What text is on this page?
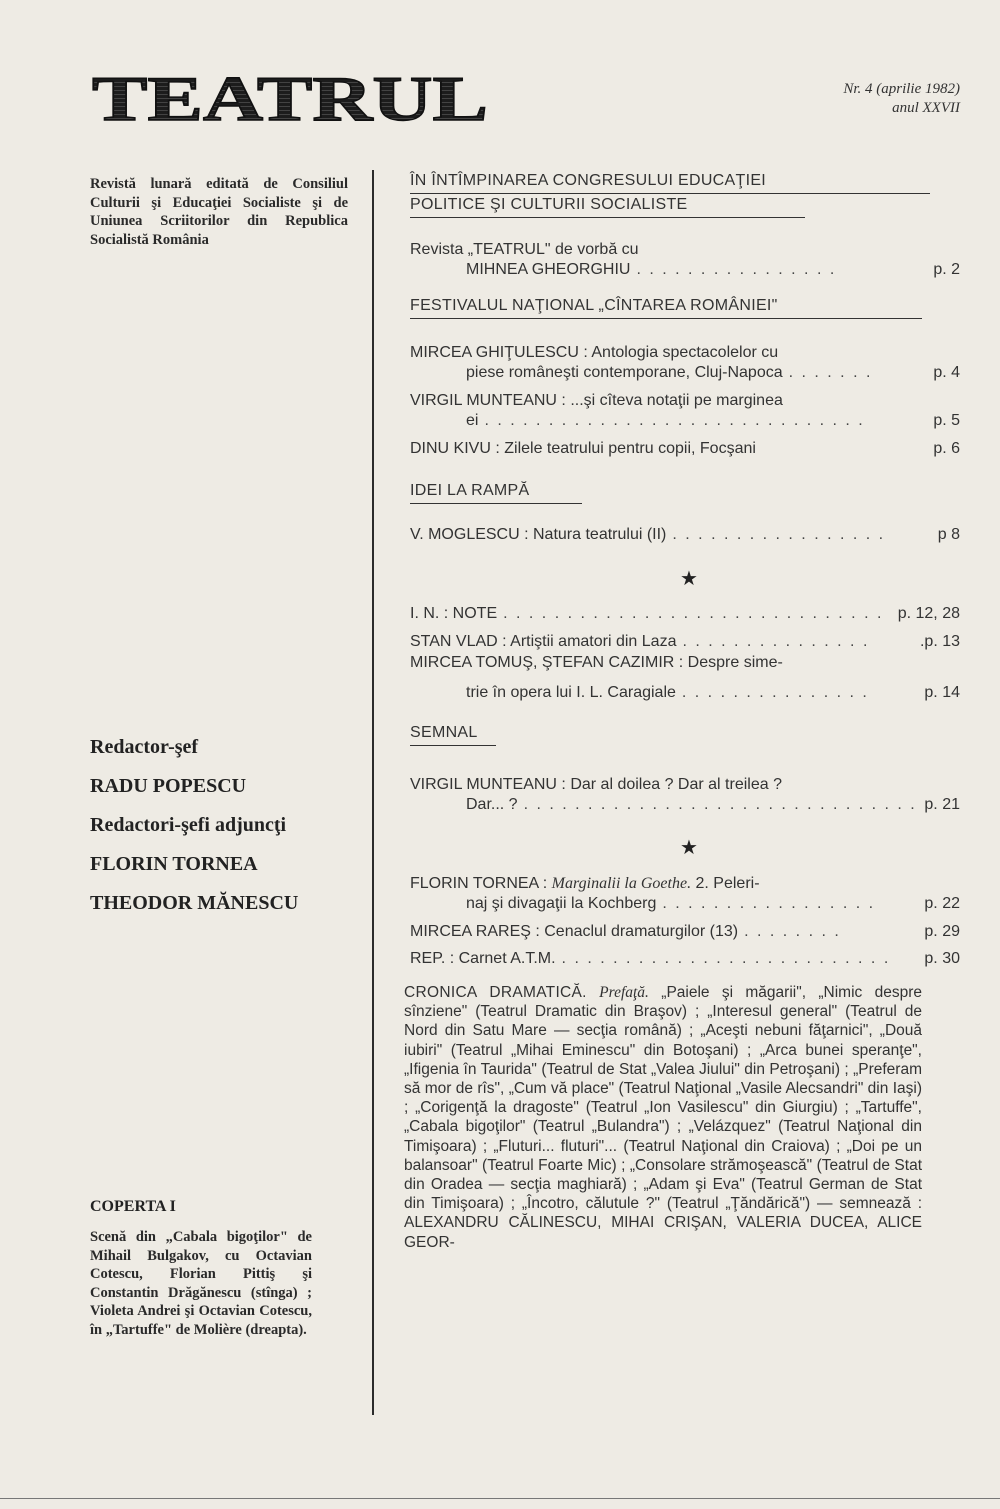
TEATRUL	Nr. 4 (aprilie 1982)
anul XXVII
Revistă lunară editată de Consiliul Culturii şi Educaţiei Socialiste şi de Uniunea Scriitorilor din Republica Socialistă România
Redactor-şef
RADU POPESCU
Redactori-şefi adjuncţi
FLORIN TORNEA
THEODOR MĂNESCU
COPERTA I
Scenă din „Cabala bigoţilor" de Mihail Bulgakov, cu Octavian Cotescu, Florian Pittiş şi Constantin Drăgănescu (stînga) ; Violeta Andrei şi Octavian Cotescu, în „Tartuffe" de Molière (dreapta).
ÎN ÎNTÎMPINAREA CONGRESULUI EDUCAŢIEI
POLITICE ŞI CULTURII SOCIALISTE
Revista „TEATRUL" de vorbă cu
MIHNEA GHEORGHIU . . . . . . . . . . . . . . . .	p. 2
FESTIVALUL NAŢIONAL „CÎNTAREA ROMÂNIEI"
MIRCEA GHIŢULESCU : Antologia spectacolelor cu
piese româneşti contemporane, Cluj-Napoca . . . . . . .	p. 4
VIRGIL MUNTEANU : ...şi cîteva notaţii pe marginea
ei . . . . . . . . . . . . . . . . . . . . . . . . . . . . . .	p. 5
DINU KIVU : Zilele teatrului pentru copii, Focşani	p. 6
IDEI LA RAMPĂ
V. MOGLESCU : Natura teatrului (II) . . . . . . . . . . . . . . . . .	p 8
★
I. N. : NOTE . . . . . . . . . . . . . . . . . . . . . . . . . . . . . . p. 12, 28
STAN VLAD : Artiştii amatori din Laza . . . . . . . . . . . . . . .	.p. 13
MIRCEA TOMUŞ, ŞTEFAN CAZIMIR : Despre sime-
trie în opera lui I. L. Caragiale . . . . . . . . . . . . . . .	p. 14
SEMNAL
VIRGIL MUNTEANU : Dar al doilea ? Dar al treilea ?
Dar... ? . . . . . . . . . . . . . . . . . . . . . . . . . . . . . . . p. 21
★
FLORIN TORNEA : Marginalii la Goethe. 2. Peleri-
naj şi divagaţii la Kochberg . . . . . . . . . . . . . . . . .	p. 22
MIRCEA RAREŞ : Cenaclul dramaturgilor (13) . . . . . . . .	p. 29
REP. : Carnet A.T.M. . . . . . . . . . . . . . . . . . . . . . . . . . .	p. 30
CRONICA DRAMATICĂ. Prefaţă. „Paiele şi măgarii", „Nimic despre sînziene" (Teatrul Dramatic din Braşov) ; „Interesul general" (Teatrul de Nord din Satu Mare — secţia română) ; „Aceşti nebuni făţarnici", „Două iubiri" (Teatrul „Mihai Eminescu" din Botoşani) ; „Arca bunei speranţe", „Ifigenia în Taurida" (Teatrul de Stat „Valea Jiului" din Petroşani) ; „Preferam să mor de rîs", „Cum vă place" (Teatrul Naţional „Vasile Alecsandri" din Iaşi) ; „Corigenţă la dragoste" (Teatrul „Ion Vasilescu" din Giurgiu) ; „Tartuffe", „Cabala bigoţilor" (Teatrul „Bulandra") ; „Velázquez" (Teatrul Naţional din Timişoara) ; „Fluturi... fluturi"... (Teatrul Naţional din Craiova) ; „Doi pe un balansoar" (Teatrul Foarte Mic) ; „Consolare strămoşească" (Teatrul de Stat din Oradea — secţia maghiară) ; „Adam şi Eva" (Teatrul German de Stat din Timişoara) ; „Încotro, călutule ?" (Teatrul „Ţăndărică") — semnează : ALEXANDRU CĂLINESCU, MIHAI CRIŞAN, VALERIA DUCEA, ALICE GEOR-
